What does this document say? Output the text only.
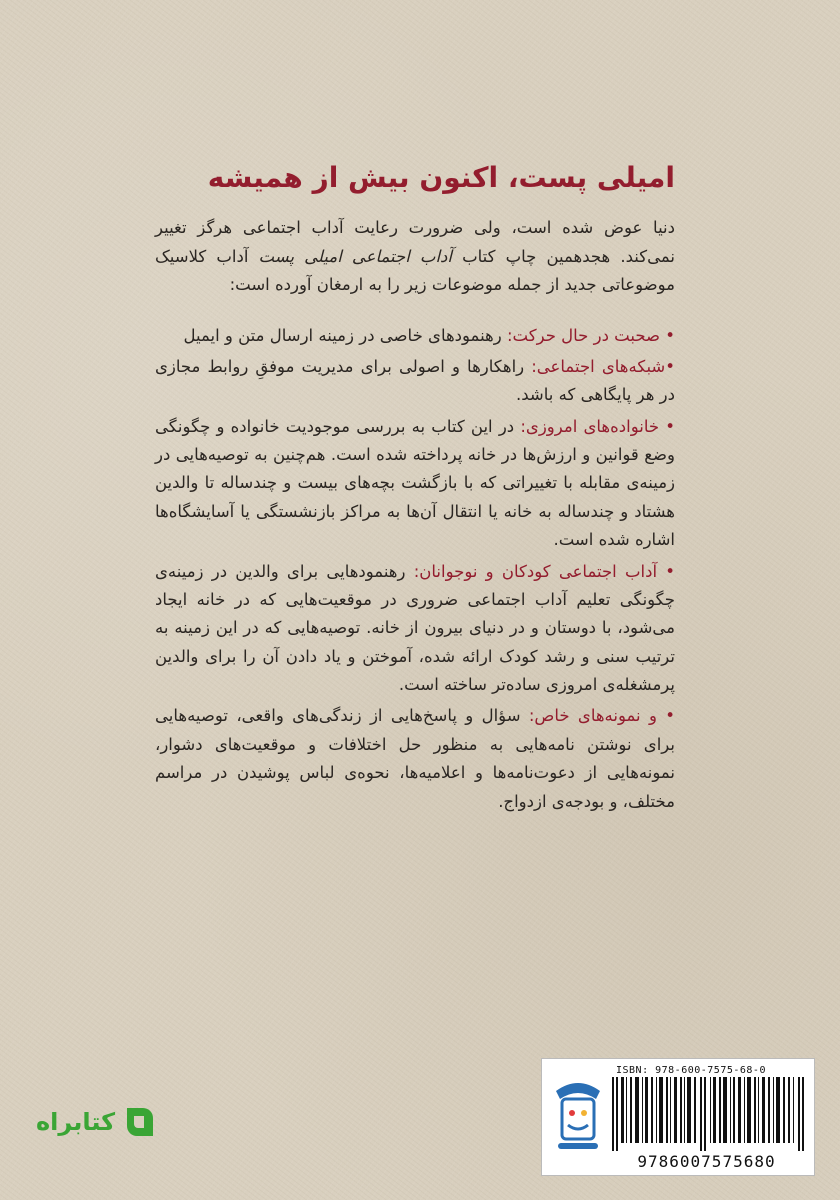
امیلی پست، اکنون بیش از همیشه

دنیا عوض شده است، ولی ضرورت رعایت آداب اجتماعی هرگز تغییر نمی‌کند. هجدهمین چاپ کتاب آداب اجتماعی امیلی پست آداب کلاسیک موضوعاتی جدید از جمله موضوعات زیر را به ارمغان آورده است:

• صحبت در حال حرکت: رهنمودهای خاصی در زمینه ارسال متن و ایمیل

•شبکه‌های اجتماعی: راهکارها و اصولی برای مدیریت موفقِ روابط مجازی در هر پایگاهی که باشد.

• خانواده‌های امروزی: در این کتاب به بررسی موجودیت خانواده و چگونگی وضع قوانین و ارزش‌ها در خانه پرداخته شده است. هم‌چنین به توصیه‌هایی در زمینه‌ی مقابله با تغییراتی که با بازگشت بچه‌های بیست و چندساله تا والدین هشتاد و چندساله به خانه یا انتقال آن‌ها به مراکز بازنشستگی یا آسایشگاه‌ها اشاره شده است.

• آداب اجتماعی کودکان و نوجوانان: رهنمودهایی برای والدین در زمینه‌ی چگونگی تعلیم آداب اجتماعی ضروری در موقعیت‌هایی که در خانه ایجاد می‌شود، با دوستان و در دنیای بیرون از خانه. توصیه‌هایی که در این زمینه به ترتیب سنی و رشد کودک ارائه شده، آموختن و یاد دادن آن را برای والدین پرمشغله‌ی امروزی ساده‌تر ساخته است.

• و نمونه‌های خاص: سؤال و پاسخ‌هایی از زندگی‌های واقعی، توصیه‌هایی برای نوشتن نامه‌هایی به منظور حل اختلافات و موقعیت‌های دشوار، نمونه‌هایی از دعوت‌نامه‌ها و اعلامیه‌ها، نحوه‌ی لباس پوشیدن در مراسم مختلف، و بودجه‌ی ازدواج.

ISBN: 978-600-7575-68-0
9786007575680
کتابراه
